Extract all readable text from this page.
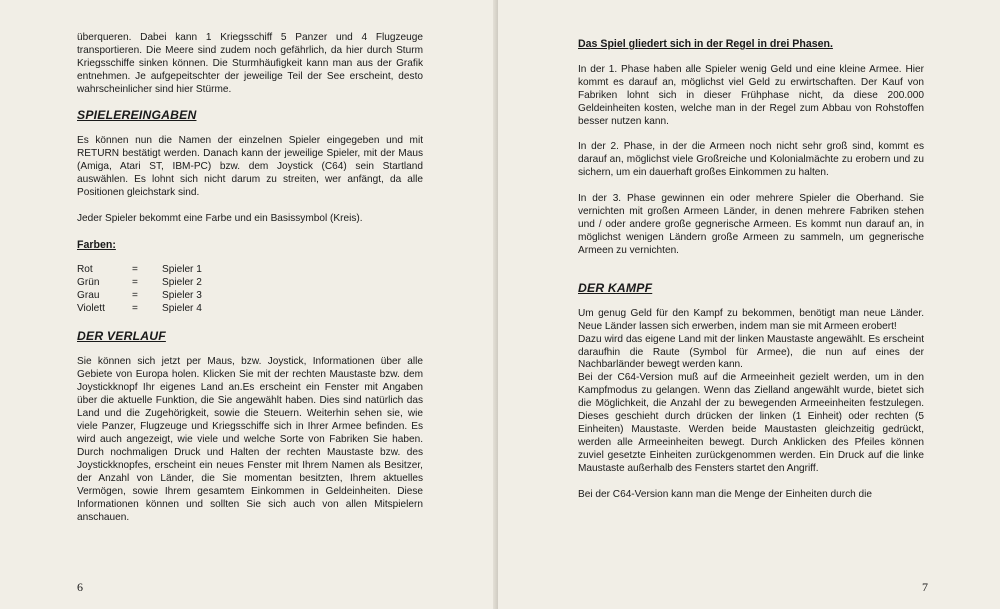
überqueren. Dabei kann 1 Kriegsschiff 5 Panzer und 4 Flugzeuge transportieren. Die Meere sind zudem noch gefährlich, da hier durch Sturm Kriegsschiffe sinken können. Die Sturmhäufigkeit kann man aus der Grafik entnehmen. Je aufgepeitschter der jeweilige Teil der See erscheint, desto wahrscheinlicher sind hier Stürme.

SPIELEREINGABEN

Es können nun die Namen der einzelnen Spieler eingegeben und mit RETURN bestätigt werden. Danach kann der jeweilige Spieler, mit der Maus (Amiga, Atari ST, IBM-PC) bzw. dem Joystick (C64) sein Startland auswählen. Es lohnt sich nicht darum zu streiten, wer anfängt, da alle Positionen gleichstark sind.

Jeder Spieler bekommt eine Farbe und ein Basissymbol (Kreis).

Farben:
Rot	=	Spieler 1
Grün	=	Spieler 2
Grau	=	Spieler 3
Violett	=	Spieler 4
DER VERLAUF

Sie können sich jetzt per Maus, bzw. Joystick, Informationen über alle Gebiete von Europa holen. Klicken Sie mit der rechten Maustaste bzw. dem Joystickknopf Ihr eigenes Land an.Es erscheint ein Fenster mit Angaben über die aktuelle Funktion, die Sie angewählt haben. Dies sind natürlich das Land und die Zugehörigkeit, sowie die Steuern. Weiterhin sehen sie, wie viele Panzer, Flugzeuge und Kriegsschiffe sich in Ihrer Armee befinden. Es wird auch angezeigt, wie viele und welche Sorte von Fabriken Sie haben. Durch nochmaligen Druck und Halten der rechten Maustaste bzw. des Joystickknopfes, erscheint ein neues Fenster mit Ihrem Namen als Besitzer, der Anzahl von Länder, die Sie momentan besitzten, Ihrem aktuelles Vermögen, sowie Ihrem gesamtem Einkommen in Geldeinheiten. Diese Informationen können und sollten Sie sich auch von allen Mitspielern anschauen.

6
Das Spiel gliedert sich in der Regel in drei Phasen.

In der 1. Phase haben alle Spieler wenig Geld und eine kleine Armee. Hier kommt es darauf an, möglichst viel Geld zu erwirtschaften. Der Kauf von Fabriken lohnt sich in dieser Frühphase nicht, da diese 200.000 Geldeinheiten kosten, welche man in der Regel zum Abbau von Rohstoffen besser nutzen kann.

In der 2. Phase, in der die Armeen noch nicht sehr groß sind, kommt es darauf an, möglichst viele Großreiche und Kolonialmächte zu erobern und zu sichern, um ein dauerhaft großes Einkommen zu halten.

In der 3. Phase gewinnen ein oder mehrere Spieler die Oberhand. Sie vernichten mit großen Armeen Länder, in denen mehrere Fabriken stehen und / oder andere große gegnerische Armeen. Es kommt nun darauf an, in möglichst wenigen Ländern große Armeen zu sammeln, um gegnerische Armeen zu vernichten.

DER KAMPF

Um genug Geld für den Kampf zu bekommen, benötigt man neue Länder. Neue Länder lassen sich erwerben, indem man sie mit Armeen erobert!

Dazu wird das eigene Land mit der linken Maustaste angewählt. Es erscheint daraufhin die Raute (Symbol für Armee), die nun auf eines der Nachbarländer bewegt werden kann.

Bei der C64-Version muß auf die Armeeinheit gezielt werden, um in den Kampfmodus zu gelangen. Wenn das Zielland angewählt wurde, bietet sich die Möglichkeit, die Anzahl der zu bewegenden Armeeinheiten festzulegen. Dieses geschieht durch drücken der linken (1 Einheit) oder rechten (5 Einheiten) Maustaste. Werden beide Maustasten gleichzeitig gedrückt, werden alle Armeeinheiten bewegt. Durch Anklicken des Pfeiles können zuviel gesetzte Einheiten zurückgenommen werden. Ein Druck auf die linke Maustaste außerhalb des Fensters startet den Angriff.

Bei der C64-Version kann man die Menge der Einheiten durch die

7
